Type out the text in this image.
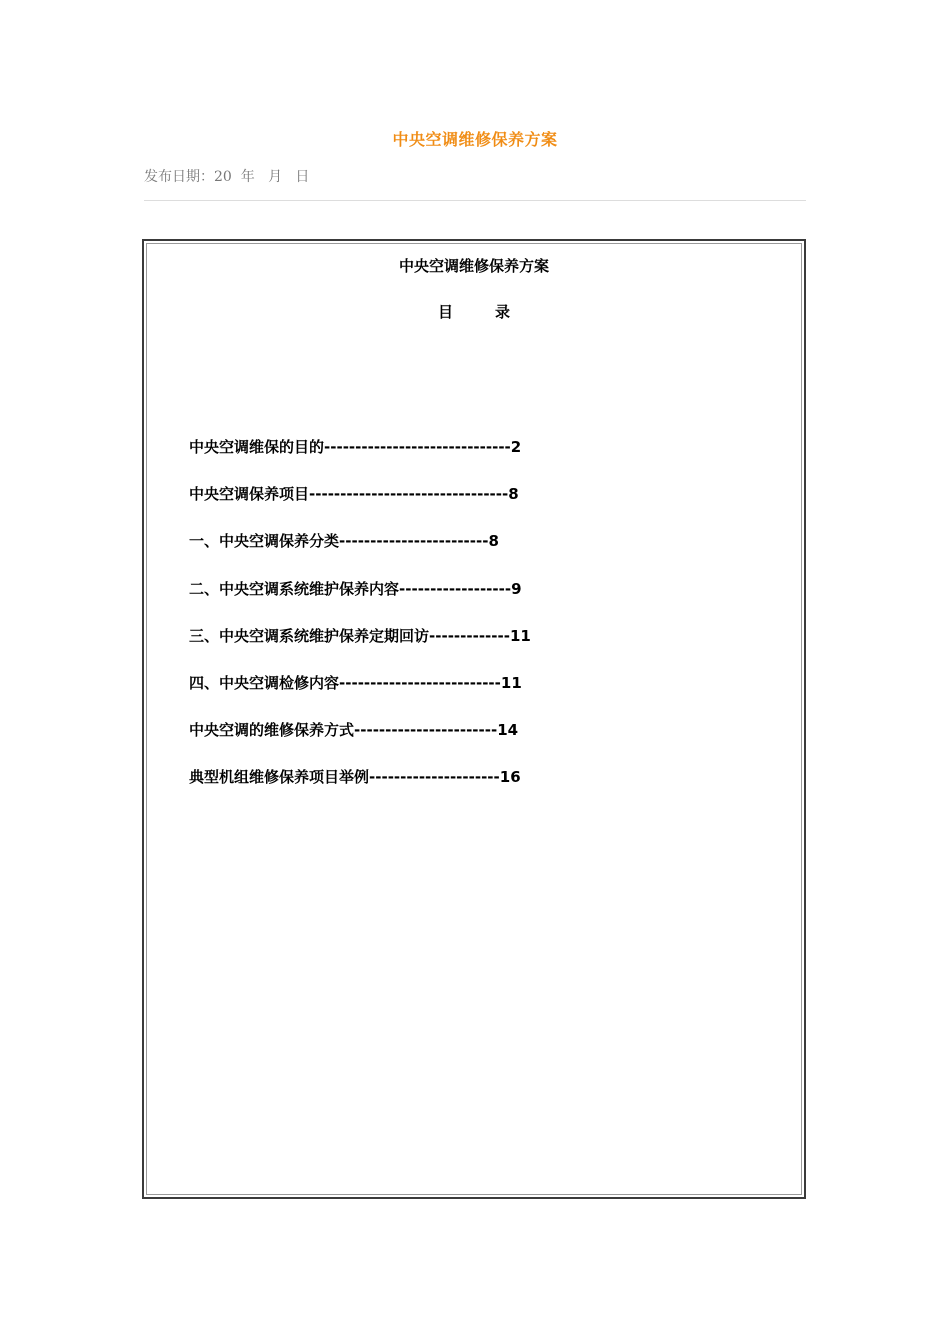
中央空调维修保养方案
发布日期：20  年   月   日
中央空调维修保养方案
目	录
中央空调维保的目的------------------------------2
中央空调保养项目--------------------------------8
一、中央空调保养分类------------------------8
二、中央空调系统维护保养内容------------------9
三、中央空调系统维护保养定期回访-------------11
四、中央空调检修内容--------------------------11
中央空调的维修保养方式-----------------------14
典型机组维修保养项目举例---------------------16
